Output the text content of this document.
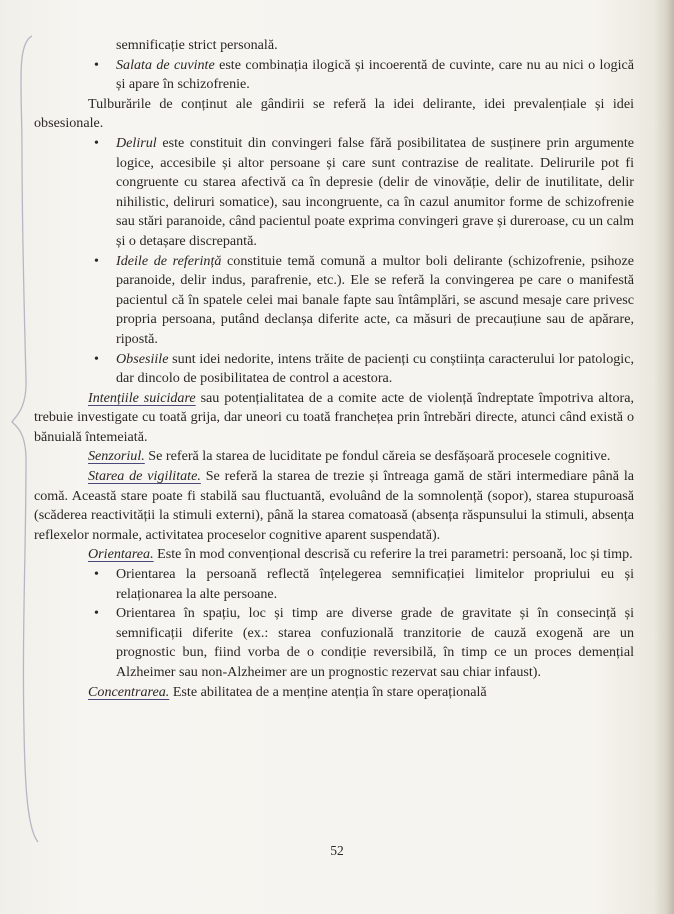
semnificație strict personală.

• Salata de cuvinte este combinația ilogică și incoerentă de cuvinte, care nu au nici o logică și apare în schizofrenie.

Tulburările de conținut ale gândirii se referă la idei delirante, idei prevalențiale și idei obsesionale.

• Delirul este constituit din convingeri false fără posibilitatea de susținere prin argumente logice, accesibile și altor persoane și care sunt contrazise de realitate. Delirurile pot fi congruente cu starea afectivă ca în depresie (delir de vinovăție, delir de inutilitate, delir nihilistic, deliruri somatice), sau incongruente, ca în cazul anumitor forme de schizofrenie sau stări paranoide, când pacientul poate exprima convingeri grave și dureroase, cu un calm și o detașare discrepantă.
• Ideile de referință constituie temă comună a multor boli delirante (schizofrenie, psihoze paranoide, delir indus, parafrenie, etc.). Ele se referă la convingerea pe care o manifestă pacientul că în spatele celei mai banale fapte sau întâmplări, se ascund mesaje care privesc propria persoana, putând declanșa diferite acte, ca măsuri de precauțiune sau de apărare, ripostă.
• Obsesiile sunt idei nedorite, intens trăite de pacienți cu conștiința caracterului lor patologic, dar dincolo de posibilitatea de control a acestora.

Intențiile suicidare sau potențialitatea de a comite acte de violență îndreptate împotriva altora, trebuie investigate cu toată grija, dar uneori cu toată franchețea prin întrebări directe, atunci când există o bănuială întemeiată.

Senzoriul. Se referă la starea de luciditate pe fondul căreia se desfășoară procesele cognitive.

Starea de vigilitate. Se referă la starea de trezie și întreaga gamă de stări intermediare până la comă. Această stare poate fi stabilă sau fluctuantă, evoluând de la somnolență (sopor), starea stupuroasă (scăderea reactivității la stimuli externi), până la starea comatoasă (absența răspunsului la stimuli, absența reflexelor normale, activitatea proceselor cognitive aparent suspendată).

Orientarea. Este în mod convențional descrisă cu referire la trei parametri: persoană, loc și timp.

• Orientarea la persoană reflectă înțelegerea semnificației limitelor propriului eu și relaționarea la alte persoane.
• Orientarea în spațiu, loc și timp are diverse grade de gravitate și în consecință și semnificații diferite (ex.: starea confuzională tranzitorie de cauză exogenă are un prognostic bun, fiind vorba de o condiție reversibilă, în timp ce un proces demențial Alzheimer sau non-Alzheimer are un prognostic rezervat sau chiar infaust).

Concentrarea. Este abilitatea de a menține atenția în stare operațională

52
